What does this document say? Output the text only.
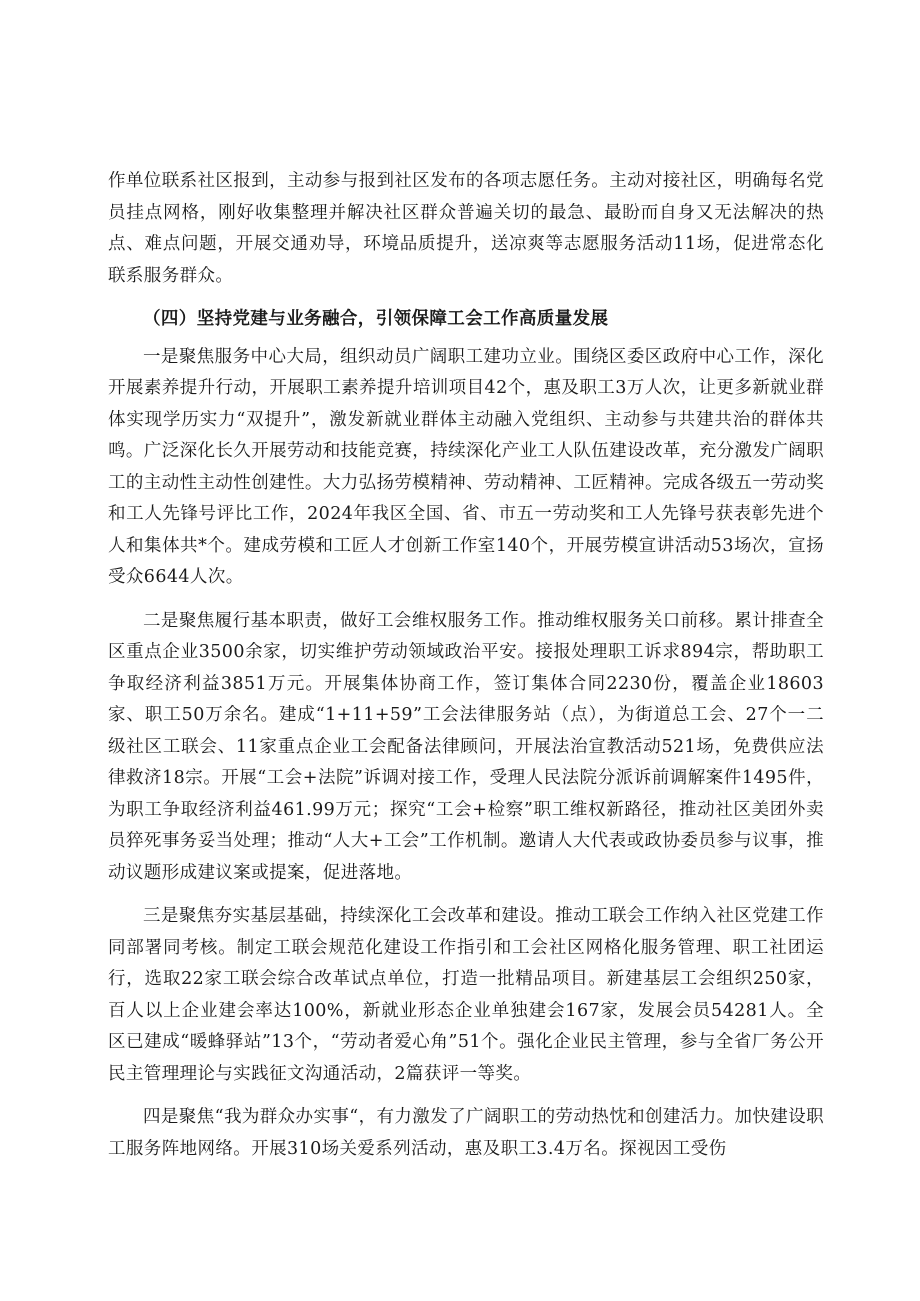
作单位联系社区报到，主动参与报到社区发布的各项志愿任务。主动对接社区，明确每名党员挂点网格，刚好收集整理并解决社区群众普遍关切的最急、最盼而自身又无法解决的热点、难点问题，开展交通劝导，环境品质提升，送凉爽等志愿服务活动11场，促进常态化联系服务群众。

（四）坚持党建与业务融合，引领保障工会工作高质量发展

一是聚焦服务中心大局，组织动员广阔职工建功立业。围绕区委区政府中心工作，深化开展素养提升行动，开展职工素养提升培训项目42个，惠及职工3万人次，让更多新就业群体实现学历实力“双提升”，激发新就业群体主动融入党组织、主动参与共建共治的群体共鸣。广泛深化长久开展劳动和技能竞赛，持续深化产业工人队伍建设改革，充分激发广阔职工的主动性主动性创建性。大力弘扬劳模精神、劳动精神、工匠精神。完成各级五一劳动奖和工人先锋号评比工作，2024年我区全国、省、市五一劳动奖和工人先锋号获表彰先进个人和集体共*个。建成劳模和工匠人才创新工作室140个，开展劳模宣讲活动53场次，宣扬受众6644人次。

二是聚焦履行基本职责，做好工会维权服务工作。推动维权服务关口前移。累计排查全区重点企业3500余家，切实维护劳动领域政治平安。接报处理职工诉求894宗，帮助职工争取经济利益3851万元。开展集体协商工作，签订集体合同2230份，覆盖企业18603家、职工50万余名。建成“1+11+59”工会法律服务站（点），为街道总工会、27个一二级社区工联会、11家重点企业工会配备法律顾问，开展法治宣教活动521场，免费供应法律救济18宗。开展“工会+法院”诉调对接工作，受理人民法院分派诉前调解案件1495件，为职工争取经济利益461.99万元；探究“工会+检察”职工维权新路径，推动社区美团外卖员猝死事务妥当处理；推动“人大+工会”工作机制。邀请人大代表或政协委员参与议事，推动议题形成建议案或提案，促进落地。

三是聚焦夯实基层基础，持续深化工会改革和建设。推动工联会工作纳入社区党建工作同部署同考核。制定工联会规范化建设工作指引和工会社区网格化服务管理、职工社团运行，选取22家工联会综合改革试点单位，打造一批精品项目。新建基层工会组织250家，百人以上企业建会率达100%，新就业形态企业单独建会167家，发展会员54281人。全区已建成“暖蜂驿站”13个，“劳动者爱心角”51个。强化企业民主管理，参与全省厂务公开民主管理理论与实践征文沟通活动，2篇获评一等奖。

四是聚焦“我为群众办实事“，有力激发了广阔职工的劳动热忱和创建活力。加快建设职工服务阵地网络。开展310场关爱系列活动，惠及职工3.4万名。探视因工受伤
